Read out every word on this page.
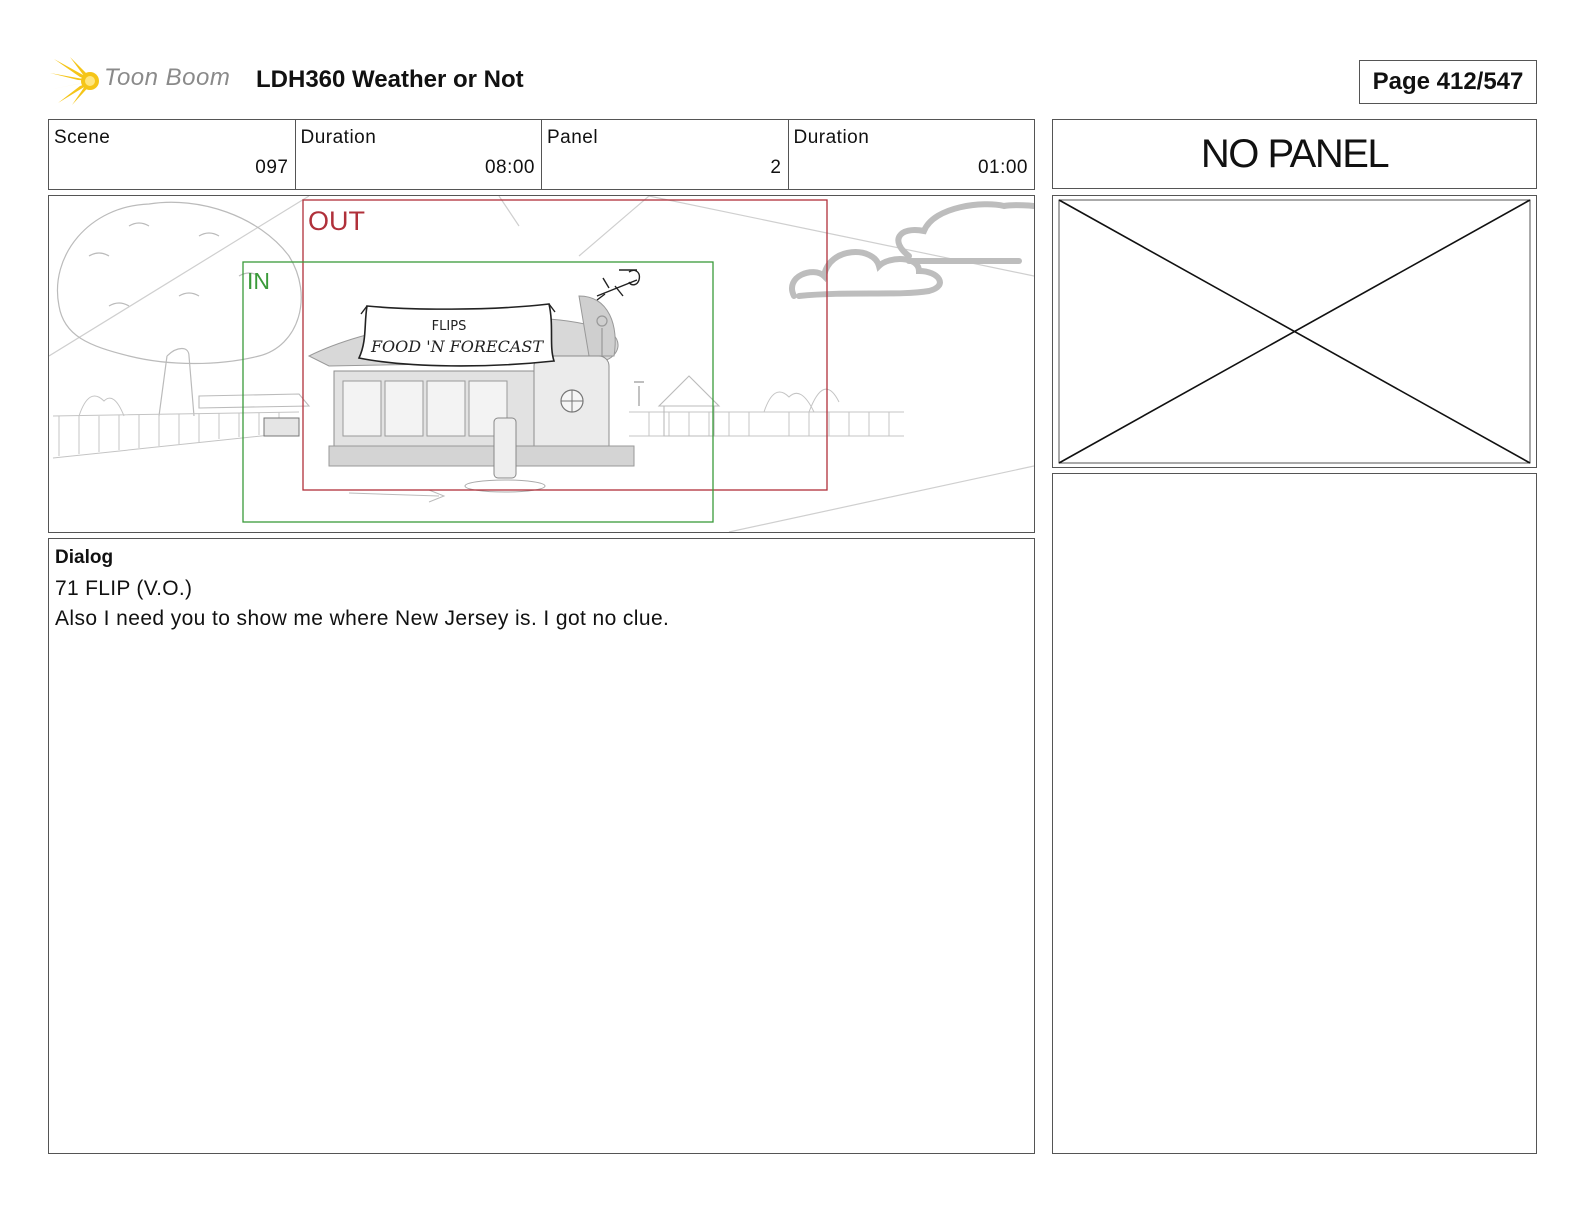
Toon Boom LDH360 Weather or Not	Page 412/547
Scene
097
Duration
08:00
Panel
2
Duration
01:00	NO PANEL
FLIPS
FOOD 'N FORECAST
OUT
IN
Dialog
71 FLIP (V.O.)
Also I need you to show me where New Jersey is. I got no clue.
